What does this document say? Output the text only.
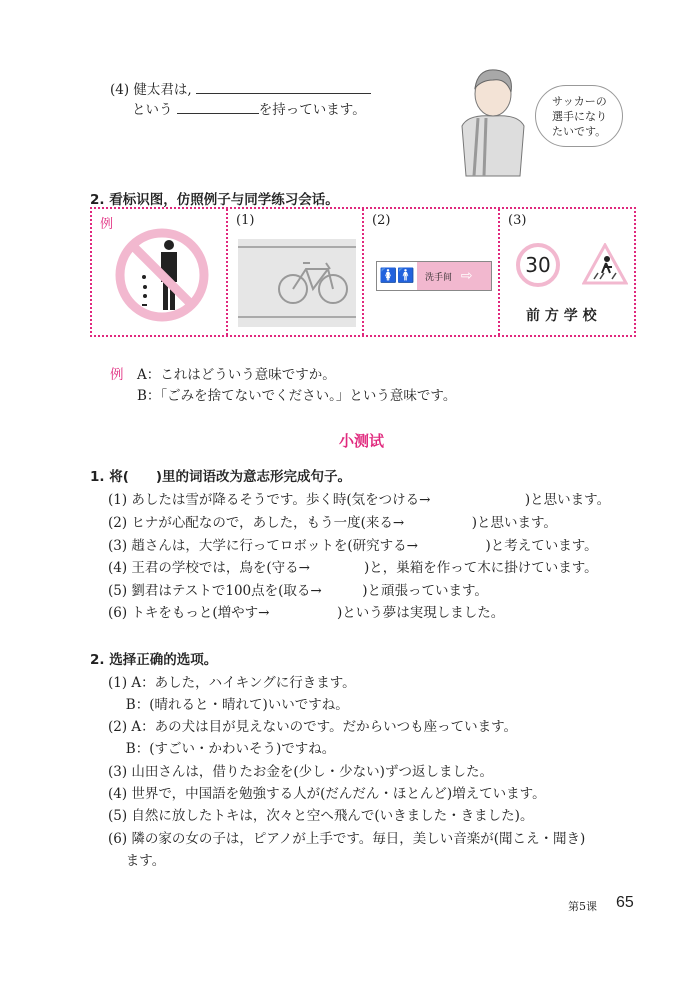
(4) 健太君は,
という	を持っています。
サッカーの
選手になり
たいです。
2. 看标识图，仿照例子与同学练习会话。
例	(1)	(2)
🚺🚹	洗手间 ⇨
(3)
30
前 方 学 校
例 A：これはどういう意味ですか。
B：「ごみを捨てないでください。」という意味です。
小测试
1. 将(　　)里的词语改为意志形完成句子。
(1) あしたは雪が降るそうです。歩く時(気をつける→　　　　　　　)と思います。
(2) ヒナが心配なので，あした，もう一度(来る→　　　　　)と思います。
(3) 趙さんは，大学に行ってロボットを(研究する→　　　　　)と考えています。
(4) 王君の学校では，鳥を(守る→　　　　)と，巣箱を作って木に掛けています。
(5) 劉君はテストで100点を(取る→　　　)と頑張っています。
(6) トキをもっと(増やす→　　　　　)という夢は実現しました。
2. 选择正确的选项。
(1) A：あした，ハイキングに行きます。
　 B：(晴れると・晴れて)いいですね。
(2) A：あの犬は目が見えないのです。だからいつも座っています。
　 B：(すごい・かわいそう)ですね。
(3) 山田さんは，借りたお金を(少し・少ない)ずつ返しました。
(4) 世界で，中国語を勉強する人が(だんだん・ほとんど)増えています。
(5) 自然に放したトキは，次々と空へ飛んで(いきました・きました)。
(6) 隣の家の女の子は，ピアノが上手です。毎日，美しい音楽が(聞こえ・聞き)
　 ます。
第5课 65
